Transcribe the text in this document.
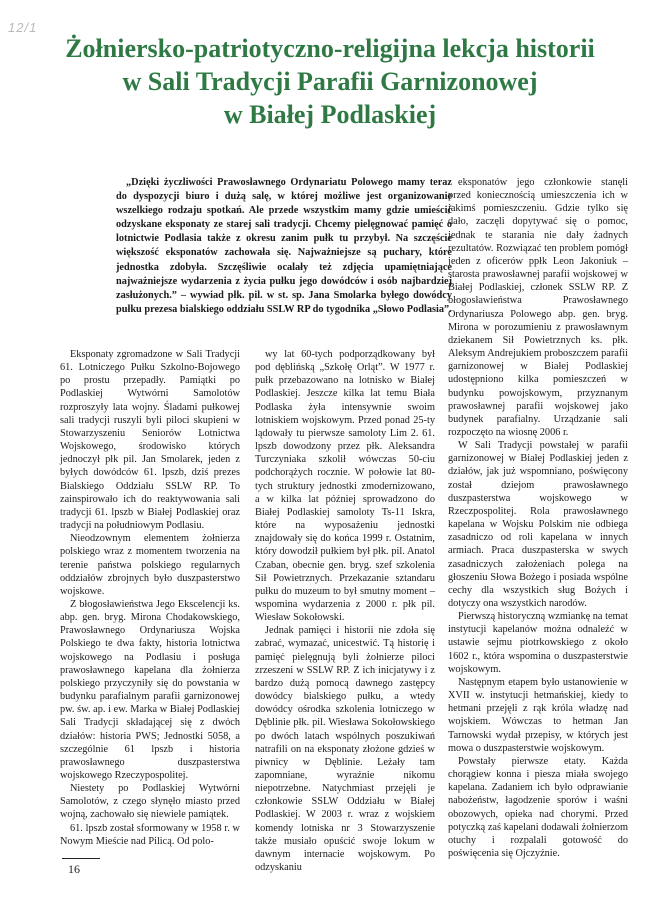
12/1
Żołniersko-patriotyczno-religijna lekcja historii
w Sali Tradycji Parafii Garnizonowej
w Białej Podlaskiej
„Dzięki życzliwości Prawosławnego Ordynariatu Polowego mamy teraz do dyspozycji biuro i dużą salę, w której możliwe jest organizowanie wszelkiego rodzaju spotkań. Ale przede wszystkim mamy gdzie umieścić odzyskane eksponaty ze starej sali tradycji. Chcemy pielęgnować pamięć o lotnictwie Podlasia także z okresu zanim pułk tu przybył. Na szczęście większość eksponatów zachowała się. Najważniejsze są puchary, które jednostka zdobyła. Szczęśliwie ocalały też zdjęcia upamiętniające najważniejsze wydarzenia z życia pułku jego dowódców i osób najbardziej zasłużonych.” – wywiad płk. pil. w st. sp. Jana Smolarka byłego dowódcy pułku prezesa bialskiego oddziału SSLW RP do tygodnika „Słowo Podlasia”.

Eksponaty zgromadzone w Sali Tradycji 61. Lotniczego Pułku Szkolno-Bojowego po prostu przepadły. Pamiątki po Podlaskiej Wytwórni Samolotów rozproszyły lata wojny. Śladami pułkowej sali tradycji ruszyli byli piloci skupieni w Stowarzyszeniu Seniorów Lotnictwa Wojskowego, środowisko których jednoczył płk pil. Jan Smolarek, jeden z byłych dowódców 61. lpszb, dziś prezes Bialskiego Oddziału SSLW RP. To zainspirowało ich do reaktywowania sali tradycji 61. lpszb w Białej Podlaskiej oraz tradycji na południowym Podlasiu.

Nieodzownym elementem żołnierza polskiego wraz z momentem tworzenia na terenie państwa polskiego regularnych oddziałów zbrojnych było duszpasterstwo wojskowe.

Z błogosławieństwa Jego Ekscelencji ks. abp. gen. bryg. Mirona Chodakowskiego, Prawosławnego Ordynariusza Wojska Polskiego te dwa fakty, historia lotnictwa wojskowego na Podlasiu i posługa prawosławnego kapelana dla żołnierza polskiego przyczyniły się do powstania w budynku parafialnym parafii garnizonowej pw. św. ap. i ew. Marka w Białej Podlaskiej Sali Tradycji składającej się z dwóch działów: historia PWS; Jednostki 5058, a szczególnie 61 lpszb i historia prawosławnego duszpasterstwa wojskowego Rzeczypospolitej.

Niestety po Podlaskiej Wytwórni Samolotów, z czego słynęło miasto przed wojną, zachowało się niewiele pamiątek.

61. lpszb został sformowany w 1958 r. w Nowym Mieście nad Pilicą. Od polo-

wy lat 60-tych podporządkowany był pod dęblińską „Szkołę Orląt”. W 1977 r. pułk przebazowano na lotnisko w Białej Podlaskiej. Jeszcze kilka lat temu Biała Podlaska żyła intensywnie swoim lotniskiem wojskowym. Przed ponad 25-ty lądowały tu pierwsze samoloty Lim 2. 61. lpszb dowodzony przez płk. Aleksandra Turczyniaka szkolił wówczas 50-ciu podchorążych rocznie. W połowie lat 80-tych struktury jednostki zmodernizowano, a w kilka lat później sprowadzono do Białej Podlaskiej samoloty Ts-11 Iskra, które na wyposażeniu jednostki znajdowały się do końca 1999 r. Ostatnim, który dowodził pułkiem był płk. pil. Anatol Czaban, obecnie gen. bryg. szef szkolenia Sił Powietrznych. Przekazanie sztandaru pułku do muzeum to był smutny moment – wspomina wydarzenia z 2000 r. płk pil. Wiesław Sokołowski.

Jednak pamięci i historii nie zdoła się zabrać, wymazać, unicestwić. Tą historię i pamięć pielęgnują byli żołnierze piloci zrzeszeni w SSLW RP. Z ich inicjatywy i z bardzo dużą pomocą dawnego zastępcy dowódcy bialskiego pułku, a wtedy dowódcy ośrodka szkolenia lotniczego w Dęblinie płk. pil. Wiesława Sokołowskiego po dwóch latach wspólnych poszukiwań natrafili on na eksponaty złożone gdzieś w piwnicy w Dęblinie. Leżały tam zapomniane, wyraźnie nikomu niepotrzebne. Natychmiast przejęli je członkowie SSLW Oddziału w Białej Podlaskiej. W 2003 r. wraz z wojskiem komendy lotniska nr 3 Stowarzyszenie także musiało opuścić swoje lokum w dawnym internacie wojskowym. Po odzyskaniu

eksponatów jego członkowie stanęli przed koniecznością umieszczenia ich w jakimś pomieszczeniu. Gdzie tylko się dało, zaczęli dopytywać się o pomoc, jednak te starania nie dały żadnych rezultatów. Rozwiązać ten problem pomógł jeden z oficerów ppłk Leon Jakoniuk – starosta prawosławnej parafii wojskowej w Białej Podlaskiej, członek SSLW RP. Z błogosławieństwa Prawosławnego Ordynariusza Polowego abp. gen. bryg. Mirona w porozumieniu z prawosławnym dziekanem Sił Powietrznych ks. płk. Aleksym Andrejukiem proboszczem parafii garnizonowej w Białej Podlaskiej udostępniono kilka pomieszczeń w budynku powojskowym, przyznanym prawosławnej parafii wojskowej jako budynek parafialny. Urządzanie sali rozpoczęto na wiosnę 2006 r.

W Sali Tradycji powstałej w parafii garnizonowej w Białej Podlaskiej jeden z działów, jak już wspomniano, poświęcony został dziejom prawosławnego duszpasterstwa wojskowego w Rzeczpospolitej. Rola prawosławnego kapelana w Wojsku Polskim nie odbiega zasadniczo od roli kapelana w innych armiach. Praca duszpasterska w swych zasadniczych założeniach polega na głoszeniu Słowa Bożego i posiada wspólne cechy dla wszystkich sług Bożych i dotyczy ona wszystkich narodów.

Pierwszą historyczną wzmiankę na temat instytucji kapelanów można odnaleźć w ustawie sejmu piotrkowskiego z około 1602 r., która wspomina o duszpasterstwie wojskowym.

Następnym etapem było ustanowienie w XVII w. instytucji hetmańskiej, kiedy to hetmani przejęli z rąk króla władzę nad wojskiem. Wówczas to hetman Jan Tarnowski wydał przepisy, w których jest mowa o duszpasterstwie wojskowym.

Powstały pierwsze etaty. Każda chorągiew konna i piesza miała swojego kapelana. Zadaniem ich było odprawianie nabożeństw, łagodzenie sporów i waśni obozowych, opieka nad chorymi. Przed potyczką zaś kapelani dodawali żołnierzom otuchy i rozpalali gotowość do poświęcenia się Ojczyźnie.

16
